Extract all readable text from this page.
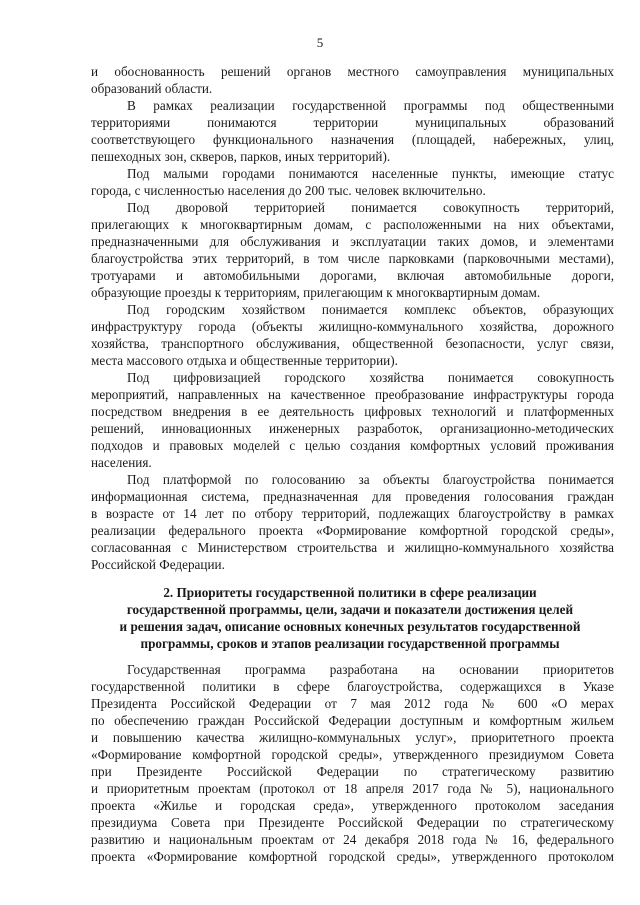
5
и обоснованность решений органов местного самоуправления муниципальных
образований области.
В рамках реализации государственной программы под общественными
территориями понимаются территории муниципальных образований
соответствующего функционального назначения (площадей, набережных, улиц,
пешеходных зон, скверов, парков, иных территорий).
Под малыми городами понимаются населенные пункты, имеющие статус
города, с численностью населения до 200 тыс. человек включительно.
Под дворовой территорией понимается совокупность территорий,
прилегающих к многоквартирным домам, с расположенными на них объектами,
предназначенными для обслуживания и эксплуатации таких домов, и элементами
благоустройства этих территорий, в том числе парковками (парковочными местами),
тротуарами и автомобильными дорогами, включая автомобильные дороги,
образующие проезды к территориям, прилегающим к многоквартирным домам.
Под городским хозяйством понимается комплекс объектов, образующих
инфраструктуру города (объекты жилищно-коммунального хозяйства, дорожного
хозяйства, транспортного обслуживания, общественной безопасности, услуг связи,
места массового отдыха и общественные территории).
Под цифровизацией городского хозяйства понимается совокупность
мероприятий, направленных на качественное преобразование инфраструктуры города
посредством внедрения в ее деятельность цифровых технологий и платформенных
решений, инновационных инженерных разработок, организационно-методических
подходов и правовых моделей с целью создания комфортных условий проживания
населения.
Под платформой по голосованию за объекты благоустройства понимается
информационная система, предназначенная для проведения голосования граждан
в возрасте от 14 лет по отбору территорий, подлежащих благоустройству в рамках
реализации федерального проекта «Формирование комфортной городской среды»,
согласованная с Министерством строительства и жилищно-коммунального хозяйства
Российской Федерации.
2. Приоритеты государственной политики в сфере реализации
государственной программы, цели, задачи и показатели достижения целей
и решения задач, описание основных конечных результатов государственной
программы, сроков и этапов реализации государственной программы
Государственная программа разработана на основании приоритетов
государственной политики в сфере благоустройства, содержащихся в Указе
Президента Российской Федерации от 7 мая 2012 года № 600 «О мерах
по обеспечению граждан Российской Федерации доступным и комфортным жильем
и повышению качества жилищно-коммунальных услуг», приоритетного проекта
«Формирование комфортной городской среды», утвержденного президиумом Совета
при Президенте Российской Федерации по стратегическому развитию
и приоритетным проектам (протокол от 18 апреля 2017 года № 5), национального
проекта «Жилье и городская среда», утвержденного протоколом заседания
президиума Совета при Президенте Российской Федерации по стратегическому
развитию и национальным проектам от 24 декабря 2018 года № 16, федерального
проекта «Формирование комфортной городской среды», утвержденного протоколом
